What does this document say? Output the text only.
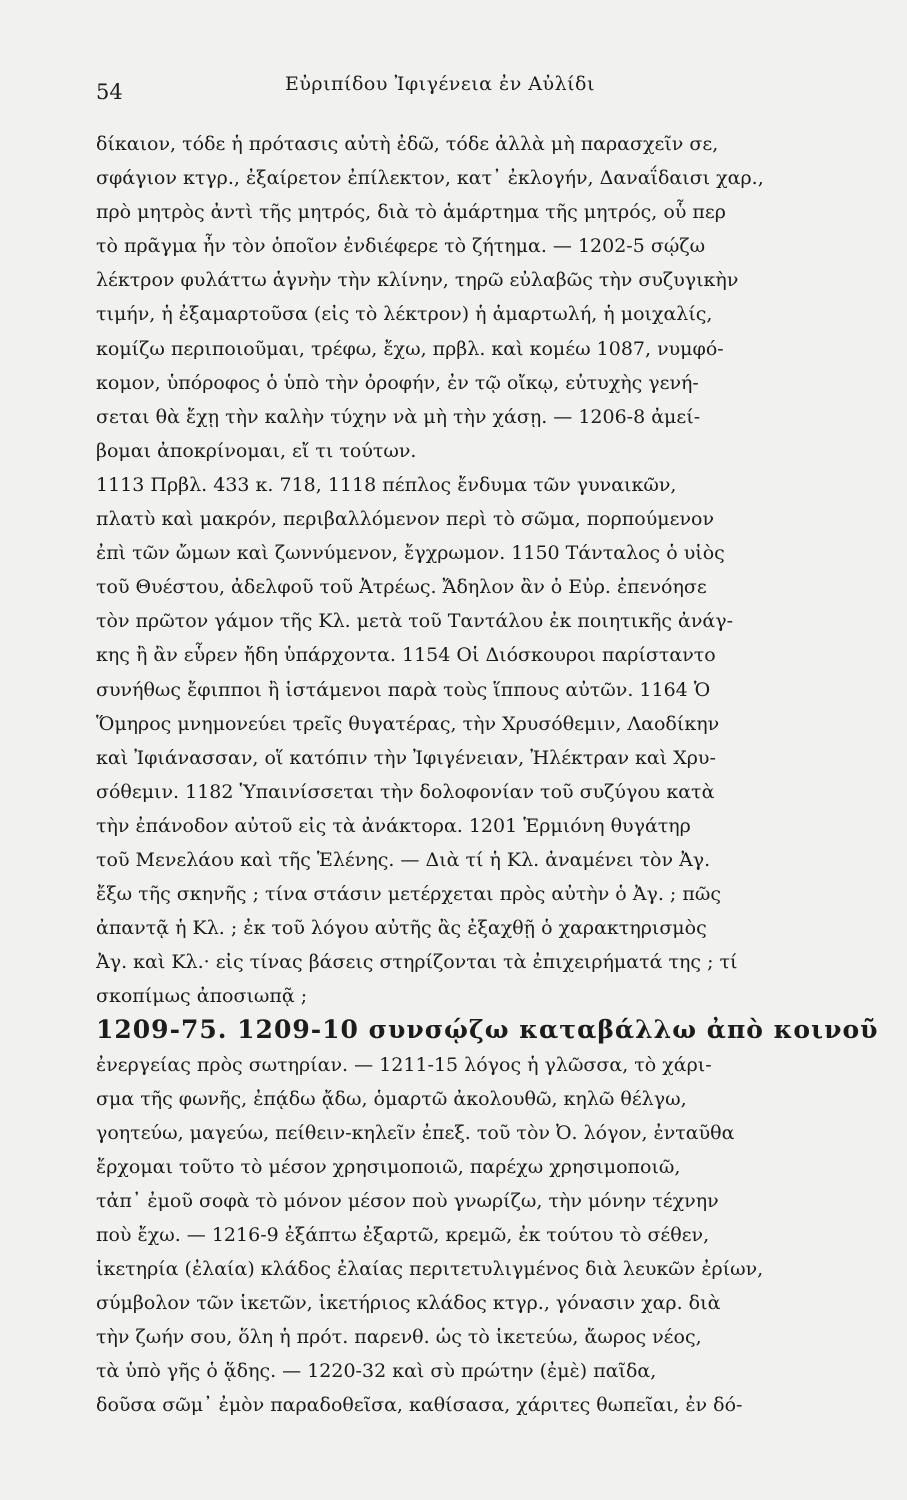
54	Εὐριπίδου Ἰφιγένεια ἐν Αὐλίδι
δίκαιον, τόδε ἡ πρότασις αὐτὴ ἐδῶ, τόδε ἀλλὰ μὴ παρασχεῖν σε,
σφάγιον κτγρ., ἐξαίρετον ἐπίλεκτον, κατ᾽ ἐκλογήν, Δαναΐδαισι χαρ.,
πρὸ μητρὸς ἀντὶ τῆς μητρός, διὰ τὸ ἁμάρτημα τῆς μητρός, οὗ περ
τὸ πρᾶγμα ἦν τὸν ὁποῖον ἐνδιέφερε τὸ ζήτημα. — 1202-5 σῴζω
λέκτρον φυλάττω ἁγνὴν τὴν κλίνην, τηρῶ εὐλαβῶς τὴν συζυγικὴν
τιμήν, ἡ ἐξαμαρτοῦσα (εἰς τὸ λέκτρον) ἡ ἁμαρτωλή, ἡ μοιχαλίς,
κομίζω περιποιοῦμαι, τρέφω, ἔχω, πρβλ. καὶ κομέω 1087, νυμφό-
κομον, ὑπόροφος ὁ ὑπὸ τὴν ὀροφήν, ἐν τῷ οἴκῳ, εὐτυχὴς γενή-
σεται θὰ ἔχῃ τὴν καλὴν τύχην νὰ μὴ τὴν χάσῃ. — 1206-8 ἀμεί-
βομαι ἀποκρίνομαι, εἴ τι τούτων.
1113 Πρβλ. 433 κ. 718, 1118 πέπλος ἔνδυμα τῶν γυναικῶν,
πλατὺ καὶ μακρόν, περιβαλλόμενον περὶ τὸ σῶμα, πορπούμενον
ἐπὶ τῶν ὤμων καὶ ζωννύμενον, ἔγχρωμον. 1150 Τάνταλος ὁ υἱὸς
τοῦ Θυέστου, ἀδελφοῦ τοῦ Ἀτρέως. Ἄδηλον ἂν ὁ Εὐρ. ἐπενόησε
τὸν πρῶτον γάμον τῆς Κλ. μετὰ τοῦ Ταντάλου ἐκ ποιητικῆς ἀνάγ-
κης ἢ ἂν εὗρεν ἤδη ὑπάρχοντα. 1154 Οἱ Διόσκουροι παρίσταντο
συνήθως ἔφιπποι ἢ ἱστάμενοι παρὰ τοὺς ἵππους αὐτῶν. 1164 Ὁ
Ὅμηρος μνημονεύει τρεῖς θυγατέρας, τὴν Χρυσόθεμιν, Λαοδίκην
καὶ Ἰφιάνασσαν, οἵ κατόπιν τὴν Ἰφιγένειαν, Ἠλέκτραν καὶ Χρυ-
σόθεμιν. 1182 Ὑπαινίσσεται τὴν δολοφονίαν τοῦ συζύγου κατὰ
τὴν ἐπάνοδον αὐτοῦ εἰς τὰ ἀνάκτορα. 1201 Ἑρμιόνη θυγάτηρ
τοῦ Μενελάου καὶ τῆς Ἑλένης. — Διὰ τί ἡ Κλ. ἀναμένει τὸν Ἀγ.
ἔξω τῆς σκηνῆς ; τίνα στάσιν μετέρχεται πρὸς αὐτὴν ὁ Ἀγ. ; πῶς
ἀπαντᾷ ἡ Κλ. ; ἐκ τοῦ λόγου αὐτῆς ἂς ἐξαχθῇ ὁ χαρακτηρισμὸς
Ἀγ. καὶ Κλ.· εἰς τίνας βάσεις στηρίζονται τὰ ἐπιχειρήματά της ; τί
σκοπίμως ἀποσιωπᾷ ;
1209-75. 1209-10 συνσῴζω καταβάλλω ἀπὸ κοινοῦ
ἐνεργείας πρὸς σωτηρίαν. — 1211-15 λόγος ἡ γλῶσσα, τὸ χάρι-
σμα τῆς φωνῆς, ἐπᾴδω ᾄδω, ὁμαρτῶ ἀκολουθῶ, κηλῶ θέλγω,
γοητεύω, μαγεύω, πείθειν-κηλεῖν ἐπεξ. τοῦ τὸν Ὀ. λόγον, ἐνταῦθα
ἔρχομαι τοῦτο τὸ μέσον χρησιμοποιῶ, παρέχω χρησιμοποιῶ,
τἀπ᾽ ἐμοῦ σοφὰ τὸ μόνον μέσον ποὺ γνωρίζω, τὴν μόνην τέχνην
ποὺ ἔχω. — 1216-9 ἐξάπτω ἐξαρτῶ, κρεμῶ, ἐκ τούτου τὸ σέθεν,
ἱκετηρία (ἐλαία) κλάδος ἐλαίας περιτετυλιγμένος διὰ λευκῶν ἐρίων,
σύμβολον τῶν ἱκετῶν, ἱκετήριος κλάδος κτγρ., γόνασιν χαρ. διὰ
τὴν ζωήν σου, ὅλη ἡ πρότ. παρενθ. ὡς τὸ ἱκετεύω, ἄωρος νέος,
τὰ ὑπὸ γῆς ὁ ᾅδης. — 1220-32 καὶ σὺ πρώτην (ἐμὲ) παῖδα,
δοῦσα σῶμ᾽ ἐμὸν παραδοθεῖσα, καθίσασα, χάριτες θωπεῖαι, ἐν δό-
